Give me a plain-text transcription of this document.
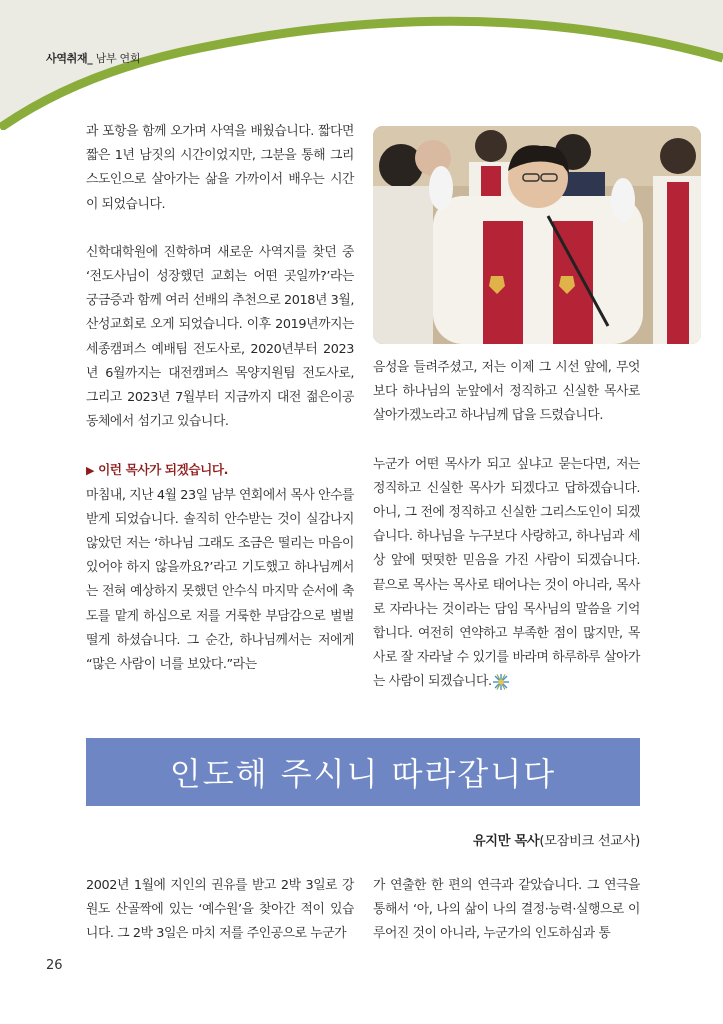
사역취재_ 남부 연회

과 포항을 함께 오가며 사역을 배웠습니다. 짧다면 짧은 1년 남짓의 시간이었지만, 그분을 통해 그리스도인으로 살아가는 삶을 가까이서 배우는 시간이 되었습니다.

신학대학원에 진학하며 새로운 사역지를 찾던 중 ‘전도사님이 성장했던 교회는 어떤 곳일까?’라는 궁금증과 함께 여러 선배의 추천으로 2018년 3월, 산성교회로 오게 되었습니다. 이후 2019년까지는 세종캠퍼스 예배팀 전도사로, 2020년부터 2023년 6월까지는 대전캠퍼스 목양지원팀 전도사로, 그리고 2023년 7월부터 지금까지 대전 젊은이공동체에서 섬기고 있습니다.

▶ 이런 목사가 되겠습니다.

마침내, 지난 4월 23일 남부 연회에서 목사 안수를 받게 되었습니다. 솔직히 안수받는 것이 실감나지 않았던 저는 ‘하나님 그래도 조금은 떨리는 마음이 있어야 하지 않을까요?’라고 기도했고 하나님께서는 전혀 예상하지 못했던 안수식 마지막 순서에 축도를 맡게 하심으로 저를 거룩한 부담감으로 벌벌 떨게 하셨습니다. 그 순간, 하나님께서는 저에게 “많은 사람이 너를 보았다.”라는

음성을 들려주셨고, 저는 이제 그 시선 앞에, 무엇보다 하나님의 눈앞에서 정직하고 신실한 목사로 살아가겠노라고 하나님께 답을 드렸습니다.

누군가 어떤 목사가 되고 싶냐고 묻는다면, 저는 정직하고 신실한 목사가 되겠다고 답하겠습니다. 아니, 그 전에 정직하고 신실한 그리스도인이 되겠습니다. 하나님을 누구보다 사랑하고, 하나님과 세상 앞에 떳떳한 믿음을 가진 사람이 되겠습니다. 끝으로 목사는 목사로 태어나는 것이 아니라, 목사로 자라나는 것이라는 담임 목사님의 말씀을 기억합니다. 여전히 연약하고 부족한 점이 많지만, 목사로 잘 자라날 수 있기를 바라며 하루하루 살아가는 사람이 되겠습니다.

인도해 주시니 따라갑니다
유지만 목사(모잠비크 선교사)

2002년 1월에 지인의 권유를 받고 2박 3일로 강원도 산골짝에 있는 ‘예수원’을 찾아간 적이 있습니다. 그 2박 3일은 마치 저를 주인공으로 누군가

가 연출한 한 편의 연극과 같았습니다. 그 연극을 통해서 ‘아, 나의 삶이 나의 결정·능력·실행으로 이루어진 것이 아니라, 누군가의 인도하심과 통

26
